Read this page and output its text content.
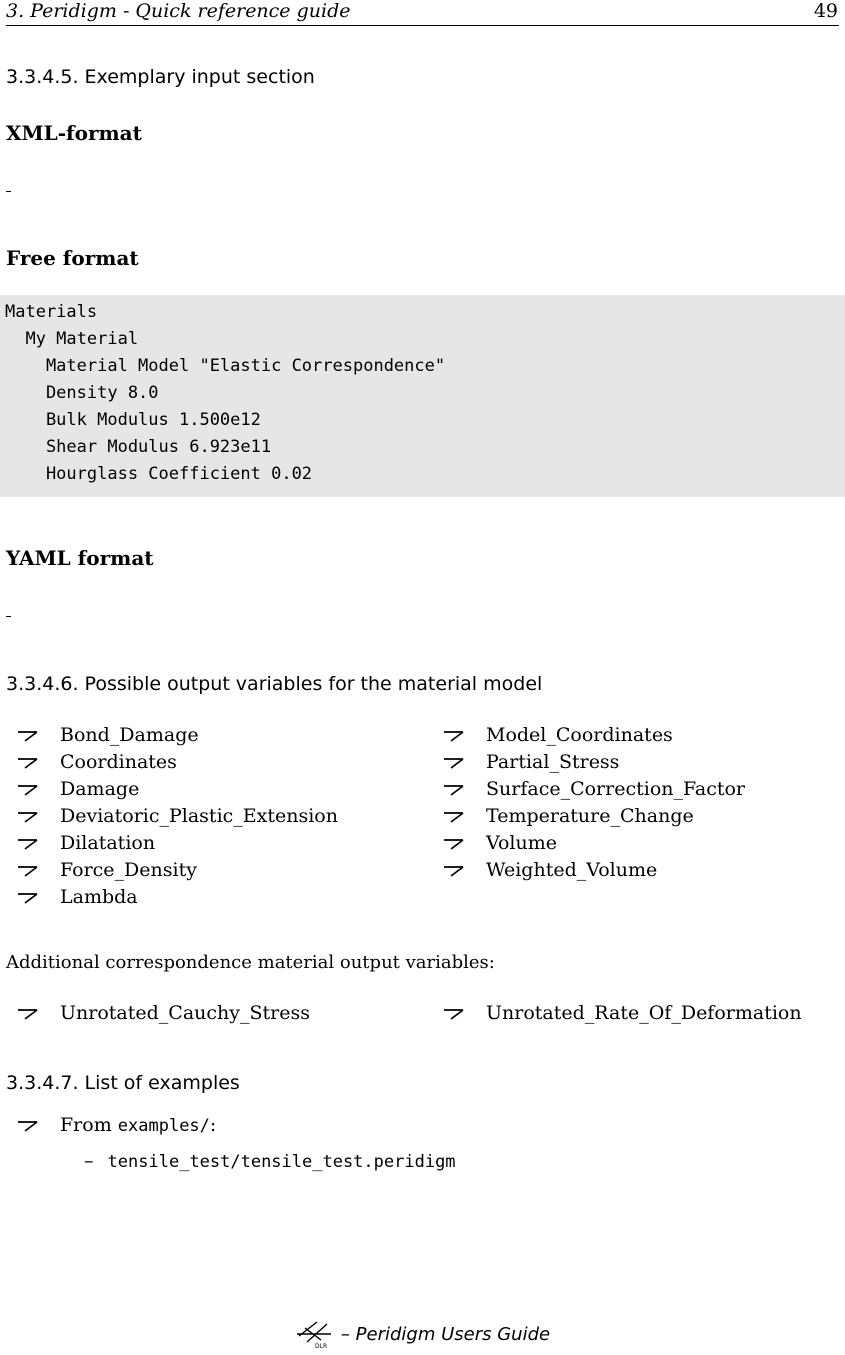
3. Peridigm - Quick reference guide	49
3.3.4.5. Exemplary input section
XML-format
Free format
Materials
My Material
Material Model "Elastic Correspondence"
Density 8.0
Bulk Modulus 1.500e12
Shear Modulus 6.923e11
Hourglass Coefficient 0.02
YAML format
3.3.4.6. Possible output variables for the material model
Bond_Damage
Coordinates
Damage
Deviatoric_Plastic_Extension
Dilatation
Force_Density
Lambda
Model_Coordinates
Partial_Stress
Surface_Correction_Factor
Temperature_Change
Volume
Weighted_Volume
Additional correspondence material output variables:
Unrotated_Cauchy_Stress	Unrotated_Rate_Of_Deformation
3.3.4.7. List of examples
From examples/:
– tensile_test/tensile_test.peridigm
DLR
– Peridigm Users Guide
